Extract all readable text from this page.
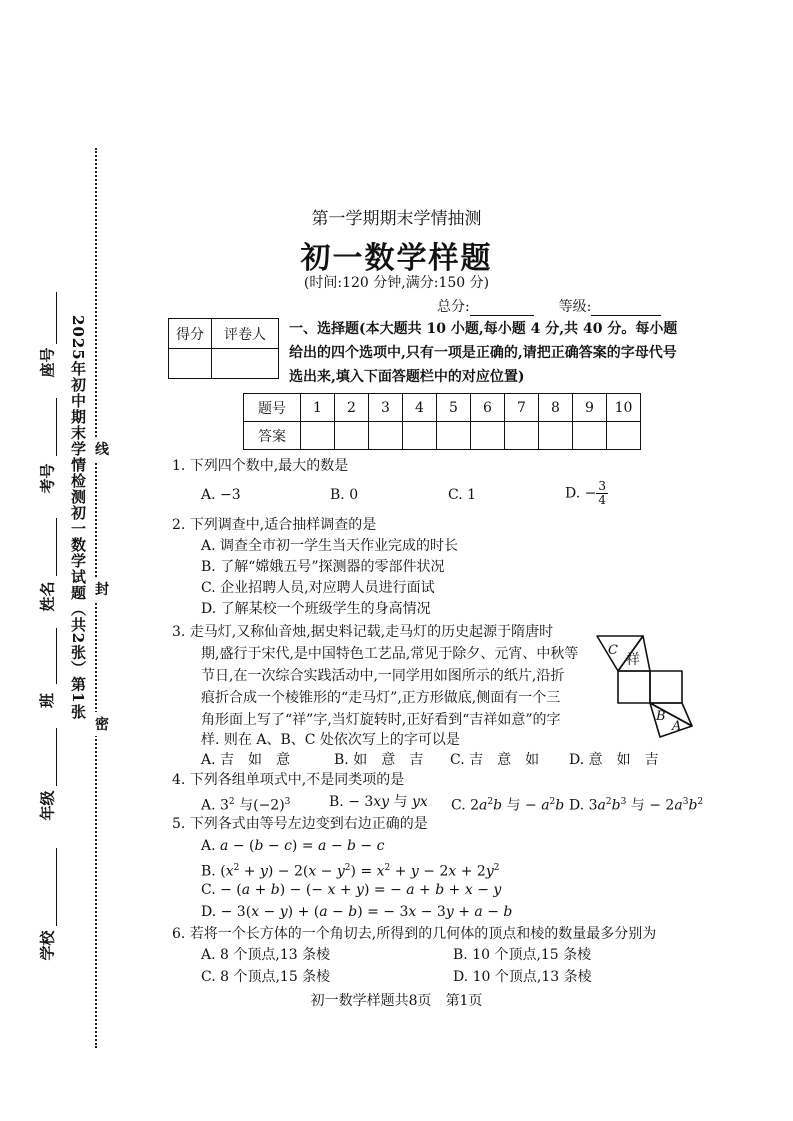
线
封
密
2025年初中期末学情检测初一数学试题（共2张）第1张
座号
考号
姓名
班
年级
学校
第一学期期末学情抽测
初一数学样题
(时间:120 分钟,满分:150 分)
总分:	等级:
得分	评卷人
	一、选择题(本大题共 10 小题,每小题 4 分,共 40 分。每小题给出的四个选项中,只有一项是正确的,请把正确答案的字母代号选出来,填入下面答题栏中的对应位置)
题号	1	2	3	4	5	6	7	8	9	10
答案										
1. 下列四个数中,最大的数是
A. −3	B. 0	C. 1	D. − $\frac{3}{4}$
2. 下列调查中,适合抽样调查的是
A. 调查全市初一学生当天作业完成的时长
B. 了解“嫦娥五号”探测器的零部件状况
C. 企业招聘人员,对应聘人员进行面试
D. 了解某校一个班级学生的身高情况
3. 走马灯,又称仙音烛,据史料记载,走马灯的历史起源于隋唐时
期,盛行于宋代,是中国特色工艺品,常见于除夕、元宵、中秋等
节日,在一次综合实践活动中,一同学用如图所示的纸片,沿折
痕折合成一个棱锥形的“走马灯”,正方形做底,侧面有一个三
角形面上写了“祥”字,当灯旋转时,正好看到“吉祥如意”的字
样. 则在 A、B、C 处依次写上的字可以是
C
B
A
祥
A. 吉　如　意	B. 如　意　吉 C. 吉　意　如 D. 意　如　吉
4. 下列各组单项式中,不是同类项的是
A. $3^2$ 与$(-2)^3$	B. − 3xy 与 yx C. $2a^2b$ 与 − $a^2b$ D. $3a^2b^3$ 与 − $2a^3b^2$
5. 下列各式由等号左边变到右边正确的是
A. a − (b − c) = a − b − c
B. $(x^2 + y) - 2(x - y^2) = x^2 + y - 2x + 2y^2$
C. − (a + b) − (− x + y) = − a + b + x − y
D. − 3(x − y) + (a − b) = − 3x − 3y + a − b
6. 若将一个长方体的一个角切去,所得到的几何体的顶点和棱的数量最多分别为
A. 8 个顶点,13 条棱	B. 10 个顶点,15 条棱
C. 8 个顶点,15 条棱	D. 10 个顶点,13 条棱
初一数学样题共8页　第1页
